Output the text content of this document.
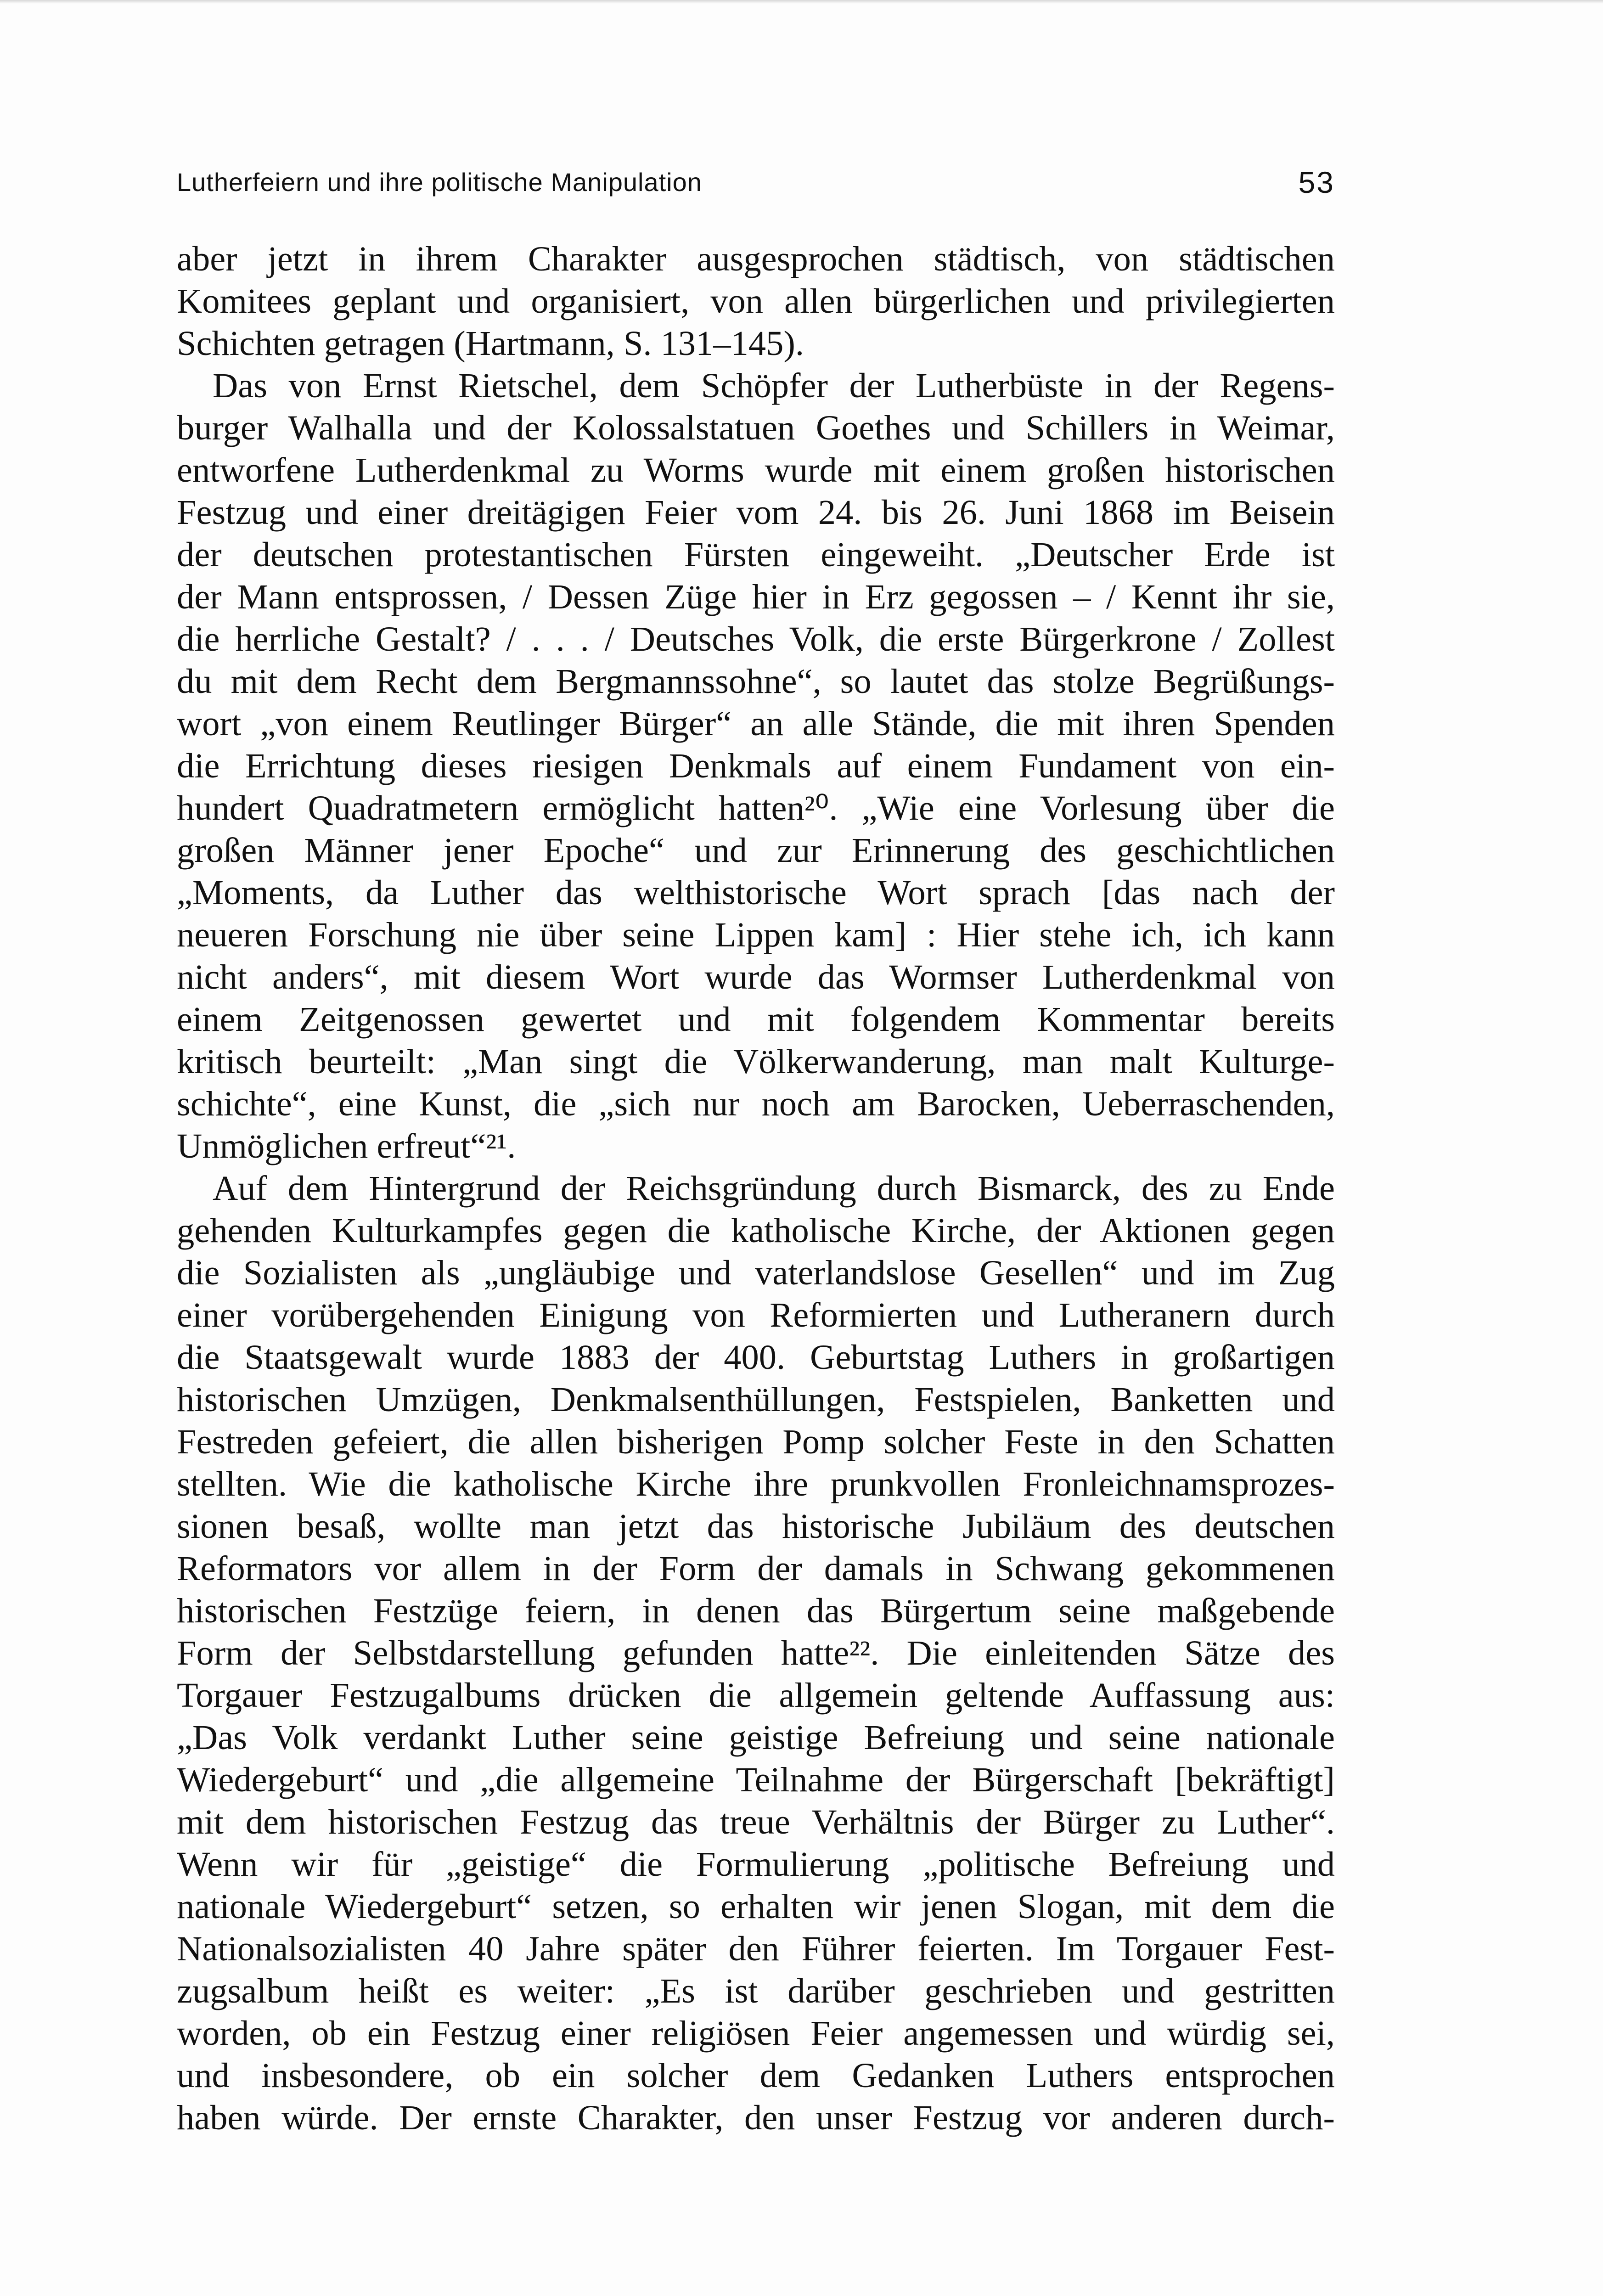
Lutherfeiern und ihre politische Manipulation	53
aber jetzt in ihrem Charakter ausgesprochen städtisch, von städtischen
Komitees geplant und organisiert, von allen bürgerlichen und privilegierten
Schichten getragen (Hartmann, S. 131–145).
Das von Ernst Rietschel, dem Schöpfer der Lutherbüste in der Regens-
burger Walhalla und der Kolossalstatuen Goethes und Schillers in Weimar,
entworfene Lutherdenkmal zu Worms wurde mit einem großen historischen
Festzug und einer dreitägigen Feier vom 24. bis 26. Juni 1868 im Beisein
der deutschen protestantischen Fürsten eingeweiht. „Deutscher Erde ist
der Mann entsprossen, / Dessen Züge hier in Erz gegossen – / Kennt ihr sie,
die herrliche Gestalt? / . . . / Deutsches Volk, die erste Bürgerkrone / Zollest
du mit dem Recht dem Bergmannssohne“, so lautet das stolze Begrüßungs-
wort „von einem Reutlinger Bürger“ an alle Stände, die mit ihren Spenden
die Errichtung dieses riesigen Denkmals auf einem Fundament von ein-
hundert Quadratmetern ermöglicht hatten²⁰. „Wie eine Vorlesung über die
großen Männer jener Epoche“ und zur Erinnerung des geschichtlichen
„Moments, da Luther das welthistorische Wort sprach [das nach der
neueren Forschung nie über seine Lippen kam] : Hier stehe ich, ich kann
nicht anders“, mit diesem Wort wurde das Wormser Lutherdenkmal von
einem Zeitgenossen gewertet und mit folgendem Kommentar bereits
kritisch beurteilt: „Man singt die Völkerwanderung, man malt Kulturge-
schichte“, eine Kunst, die „sich nur noch am Barocken, Ueberraschenden,
Unmöglichen erfreut“²¹.
Auf dem Hintergrund der Reichsgründung durch Bismarck, des zu Ende
gehenden Kulturkampfes gegen die katholische Kirche, der Aktionen gegen
die Sozialisten als „ungläubige und vaterlandslose Gesellen“ und im Zug
einer vorübergehenden Einigung von Reformierten und Lutheranern durch
die Staatsgewalt wurde 1883 der 400. Geburtstag Luthers in großartigen
historischen Umzügen, Denkmalsenthüllungen, Festspielen, Banketten und
Festreden gefeiert, die allen bisherigen Pomp solcher Feste in den Schatten
stellten. Wie die katholische Kirche ihre prunkvollen Fronleichnamsprozes-
sionen besaß, wollte man jetzt das historische Jubiläum des deutschen
Reformators vor allem in der Form der damals in Schwang gekommenen
historischen Festzüge feiern, in denen das Bürgertum seine maßgebende
Form der Selbstdarstellung gefunden hatte²². Die einleitenden Sätze des
Torgauer Festzugalbums drücken die allgemein geltende Auffassung aus:
„Das Volk verdankt Luther seine geistige Befreiung und seine nationale
Wiedergeburt“ und „die allgemeine Teilnahme der Bürgerschaft [bekräftigt]
mit dem historischen Festzug das treue Verhältnis der Bürger zu Luther“.
Wenn wir für „geistige“ die Formulierung „politische Befreiung und
nationale Wiedergeburt“ setzen, so erhalten wir jenen Slogan, mit dem die
Nationalsozialisten 40 Jahre später den Führer feierten. Im Torgauer Fest-
zugsalbum heißt es weiter: „Es ist darüber geschrieben und gestritten
worden, ob ein Festzug einer religiösen Feier angemessen und würdig sei,
und insbesondere, ob ein solcher dem Gedanken Luthers entsprochen
haben würde. Der ernste Charakter, den unser Festzug vor anderen durch-
